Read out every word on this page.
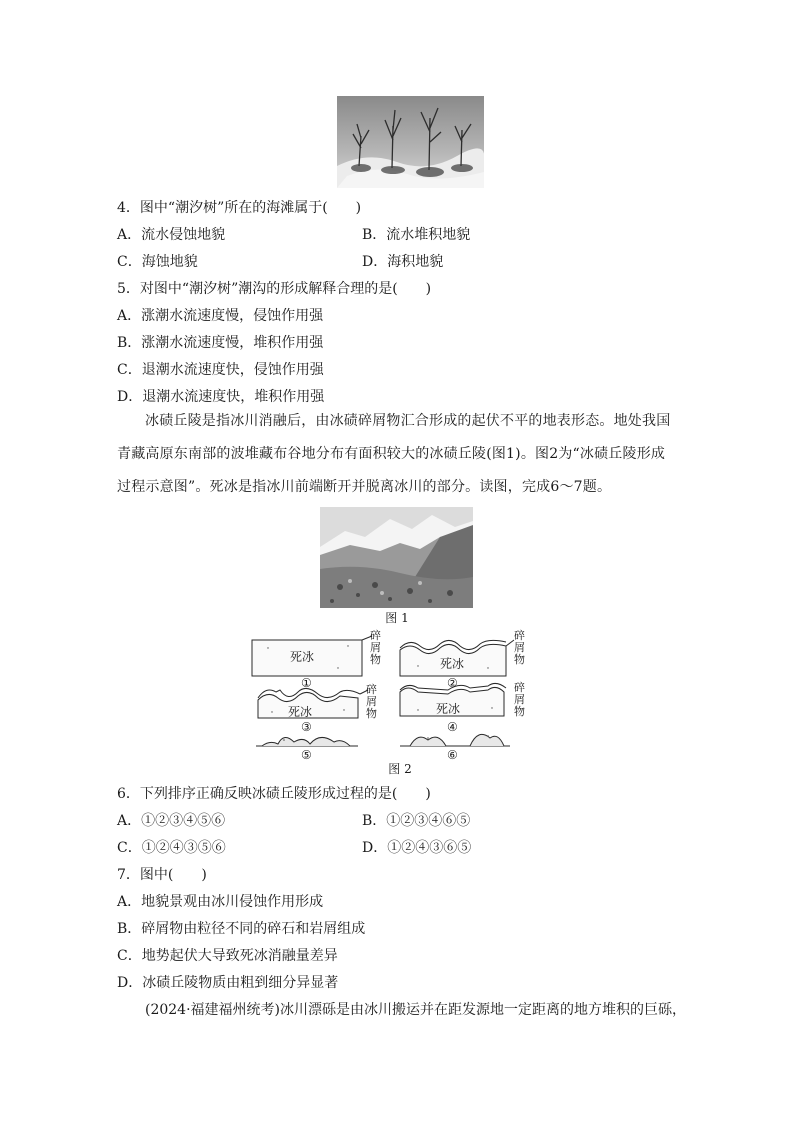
4．图中“潮汐树”所在的海滩属于(　　)
A．流水侵蚀地貌	B．流水堆积地貌
C．海蚀地貌	D．海积地貌
5．对图中“潮汐树”潮沟的形成解释合理的是(　　)
A．涨潮水流速度慢，侵蚀作用强
B．涨潮水流速度慢，堆积作用强
C．退潮水流速度快，侵蚀作用强
D．退潮水流速度快，堆积作用强
冰碛丘陵是指冰川消融后，由冰碛碎屑物汇合形成的起伏不平的地表形态。地处我国青藏高原东南部的波堆藏布谷地分布有面积较大的冰碛丘陵(图1)。图2为“冰碛丘陵形成过程示意图”。死冰是指冰川前端断开并脱离冰川的部分。读图，完成6～7题。
图 1
死冰	死冰
死冰	死冰
碎
屑
物
碎
屑
物
碎
屑
物
碎
屑
物
①	②
③	④
⑤	⑥
图 2
6．下列排序正确反映冰碛丘陵形成过程的是(　　)
A．①②③④⑤⑥	B．①②③④⑥⑤
C．①②④③⑤⑥	D．①②④③⑥⑤
7．图中(　　)
A．地貌景观由冰川侵蚀作用形成
B．碎屑物由粒径不同的碎石和岩屑组成
C．地势起伏大导致死冰消融量差异
D．冰碛丘陵物质由粗到细分异显著
(2024·福建福州统考)冰川漂砾是由冰川搬运并在距发源地一定距离的地方堆积的巨砾，
